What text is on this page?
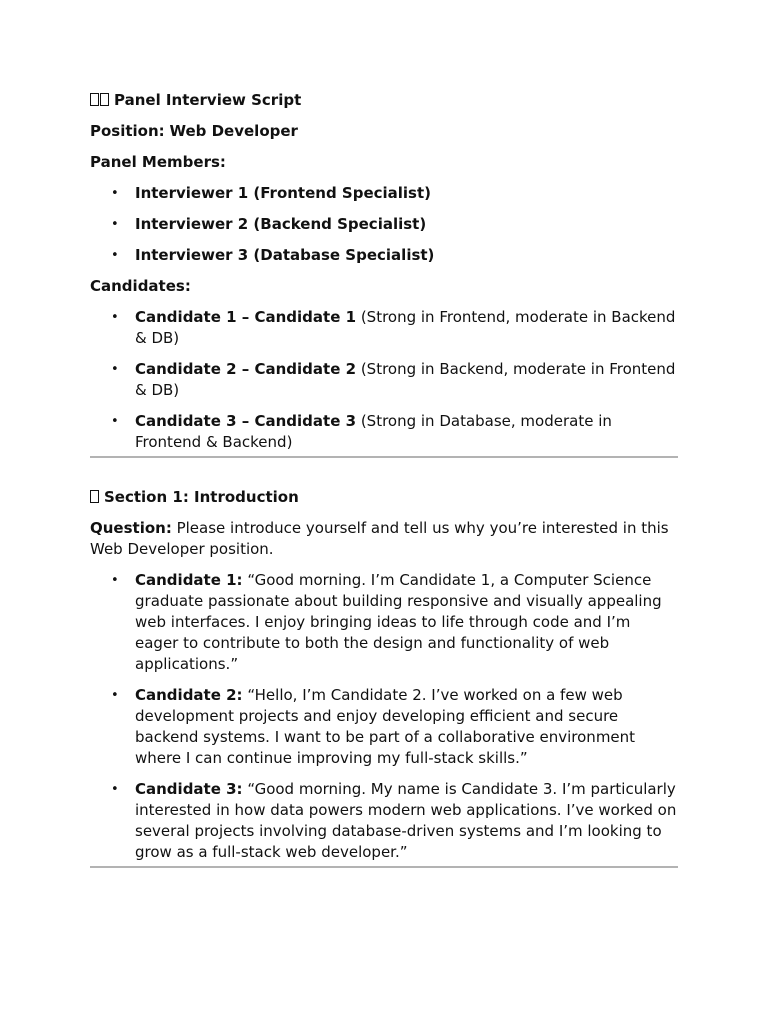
Panel Interview Script

Position: Web Developer

Panel Members:

• Interviewer 1 (Frontend Specialist)
• Interviewer 2 (Backend Specialist)
• Interviewer 3 (Database Specialist)

Candidates:

• Candidate 1 – Candidate 1 (Strong in Frontend, moderate in Backend & DB)
• Candidate 2 – Candidate 2 (Strong in Backend, moderate in Frontend & DB)
• Candidate 3 – Candidate 3 (Strong in Database, moderate in Frontend & Backend)

Section 1: Introduction

Question: Please introduce yourself and tell us why you’re interested in this Web Developer position.

• Candidate 1: “Good morning. I’m Candidate 1, a Computer Science graduate passionate about building responsive and visually appealing web interfaces. I enjoy bringing ideas to life through code and I’m eager to contribute to both the design and functionality of web applications.”
• Candidate 2: “Hello, I’m Candidate 2. I’ve worked on a few web development projects and enjoy developing efficient and secure backend systems. I want to be part of a collaborative environment where I can continue improving my full-stack skills.”
• Candidate 3: “Good morning. My name is Candidate 3. I’m particularly interested in how data powers modern web applications. I’ve worked on several projects involving database-driven systems and I’m looking to grow as a full-stack web developer.”
